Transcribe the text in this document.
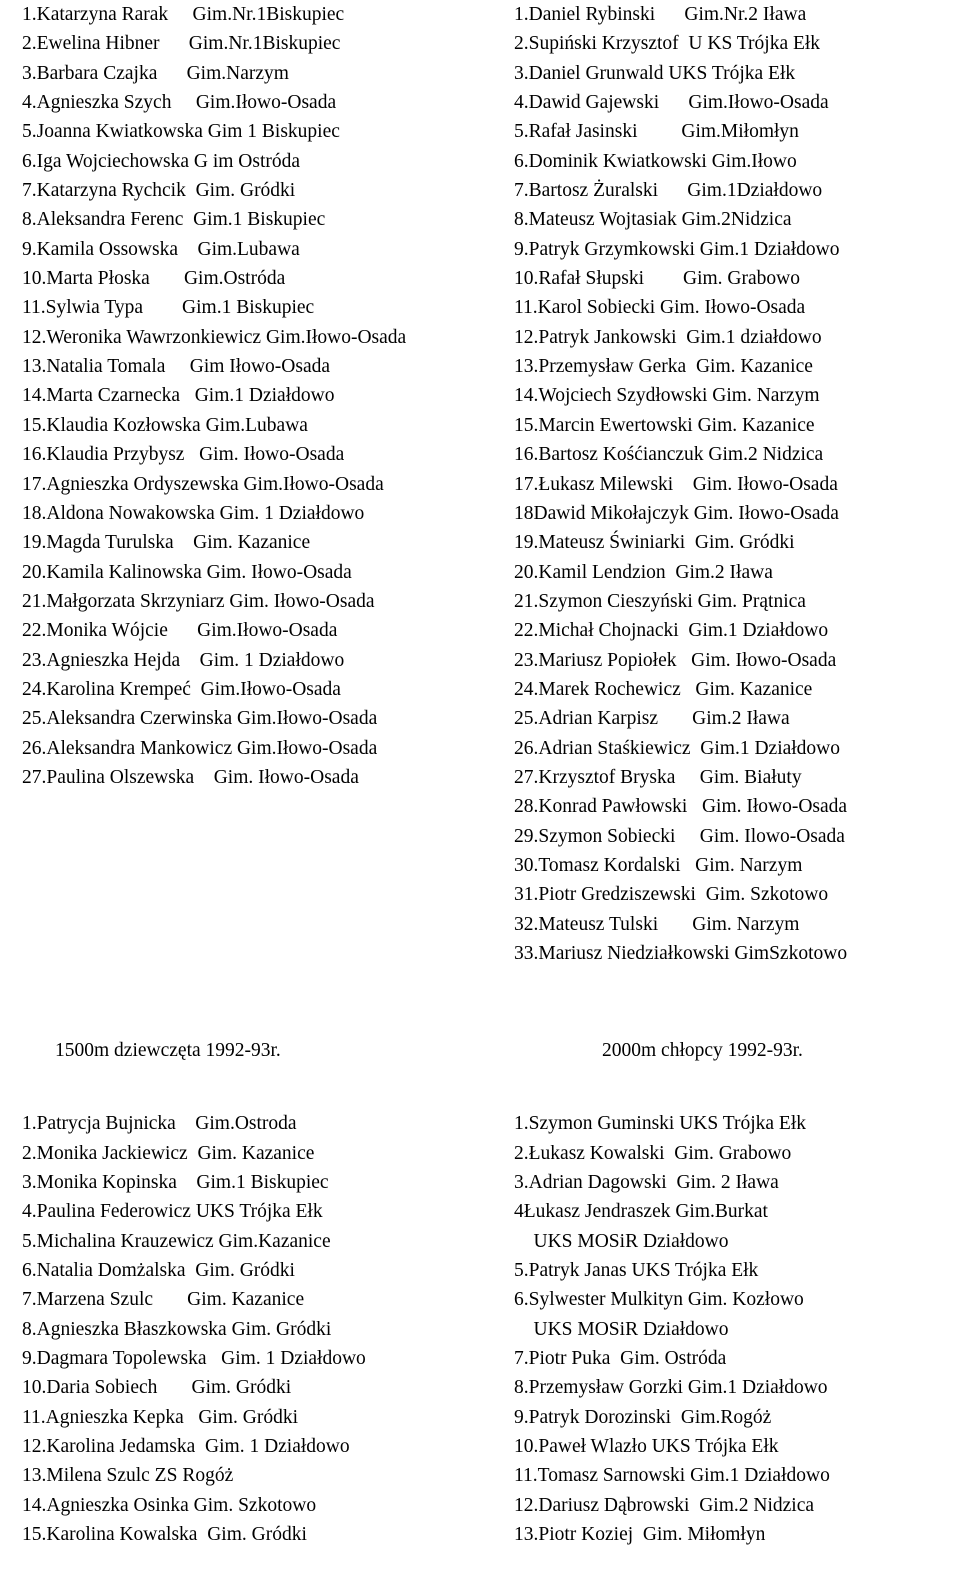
1.Katarzyna Rarak     Gim.Nr.1Biskupiec
2.Ewelina Hibner      Gim.Nr.1Biskupiec
3.Barbara Czajka      Gim.Narzym
4.Agnieszka Szych     Gim.Iłowo-Osada
5.Joanna Kwiatkowska Gim 1 Biskupiec
6.Iga Wojciechowska G im Ostróda
7.Katarzyna Rychcik  Gim. Gródki
8.Aleksandra Ferenc  Gim.1 Biskupiec
9.Kamila Ossowska    Gim.Lubawa
10.Marta Płoska       Gim.Ostróda
11.Sylwia Typa        Gim.1 Biskupiec
12.Weronika Wawrzonkiewicz Gim.Iłowo-Osada
13.Natalia Tomala     Gim Iłowo-Osada
14.Marta Czarnecka   Gim.1 Działdowo
15.Klaudia Kozłowska Gim.Lubawa
16.Klaudia Przybysz   Gim. Iłowo-Osada
17.Agnieszka Ordyszewska Gim.Iłowo-Osada
18.Aldona Nowakowska Gim. 1 Działdowo
19.Magda Turulska    Gim. Kazanice
20.Kamila Kalinowska Gim. Iłowo-Osada
21.Małgorzata Skrzyniarz Gim. Iłowo-Osada
22.Monika Wójcie      Gim.Iłowo-Osada
23.Agnieszka Hejda    Gim. 1 Działdowo
24.Karolina Krempeć  Gim.Iłowo-Osada
25.Aleksandra Czerwinska Gim.Iłowo-Osada
26.Aleksandra Mankowicz Gim.Iłowo-Osada
27.Paulina Olszewska    Gim. Iłowo-Osada
1.Daniel Rybinski      Gim.Nr.2 Iława
2.Supiński Krzysztof  U KS Trójka Ełk
3.Daniel Grunwald UKS Trójka Ełk
4.Dawid Gajewski      Gim.Iłowo-Osada
5.Rafał Jasinski         Gim.Miłomłyn
6.Dominik Kwiatkowski Gim.Iłowo
7.Bartosz Żuralski      Gim.1Działdowo
8.Mateusz Wojtasiak Gim.2Nidzica
9.Patryk Grzymkowski Gim.1 Działdowo
10.Rafał Słupski        Gim. Grabowo
11.Karol Sobiecki Gim. Iłowo-Osada
12.Patryk Jankowski  Gim.1 działdowo
13.Przemysław Gerka  Gim. Kazanice
14.Wojciech Szydłowski Gim. Narzym
15.Marcin Ewertowski Gim. Kazanice
16.Bartosz Kośćianczuk Gim.2 Nidzica
17.Łukasz Milewski    Gim. Iłowo-Osada
18Dawid Mikołajczyk Gim. Iłowo-Osada
19.Mateusz Świniarki  Gim. Gródki
20.Kamil Lendzion  Gim.2 Iława
21.Szymon Cieszyński Gim. Prątnica
22.Michał Chojnacki  Gim.1 Działdowo
23.Mariusz Popiołek   Gim. Iłowo-Osada
24.Marek Rochewicz   Gim. Kazanice
25.Adrian Karpisz       Gim.2 Iława
26.Adrian Staśkiewicz  Gim.1 Działdowo
27.Krzysztof Bryska     Gim. Białuty
28.Konrad Pawłowski   Gim. Iłowo-Osada
29.Szymon Sobiecki     Gim. Ilowo-Osada
30.Tomasz Kordalski   Gim. Narzym
31.Piotr Gredziszewski  Gim. Szkotowo
32.Mateusz Tulski       Gim. Narzym
33.Mariusz Niedziałkowski GimSzkotowo

1500m dziewczęta 1992-93r.

1.Patrycja Bujnicka    Gim.Ostroda
2.Monika Jackiewicz  Gim. Kazanice
3.Monika Kopinska    Gim.1 Biskupiec
4.Paulina Federowicz UKS Trójka Ełk
5.Michalina Krauzewicz Gim.Kazanice
6.Natalia Domżalska  Gim. Gródki
7.Marzena Szulc       Gim. Kazanice
8.Agnieszka Błaszkowska Gim. Gródki
9.Dagmara Topolewska   Gim. 1 Działdowo
10.Daria Sobiech       Gim. Gródki
11.Agnieszka Kepka   Gim. Gródki
12.Karolina Jedamska  Gim. 1 Działdowo
13.Milena Szulc ZS Rogóż
14.Agnieszka Osinka Gim. Szkotowo
15.Karolina Kowalska  Gim. Gródki

2000m chłopcy 1992-93r.

1.Szymon Guminski UKS Trójka Ełk
2.Łukasz Kowalski  Gim. Grabowo
3.Adrian Dagowski  Gim. 2 Iława
4Łukasz Jendraszek Gim.Burkat
UKS MOSiR Działdowo
5.Patryk Janas UKS Trójka Ełk
6.Sylwester Mulkityn Gim. Kozłowo
UKS MOSiR Działdowo
7.Piotr Puka  Gim. Ostróda
8.Przemysław Gorzki Gim.1 Działdowo
9.Patryk Dorozinski  Gim.Rogóż
10.Paweł Wlazło UKS Trójka Ełk
11.Tomasz Sarnowski Gim.1 Działdowo
12.Dariusz Dąbrowski  Gim.2 Nidzica
13.Piotr Koziej  Gim. Miłomłyn
